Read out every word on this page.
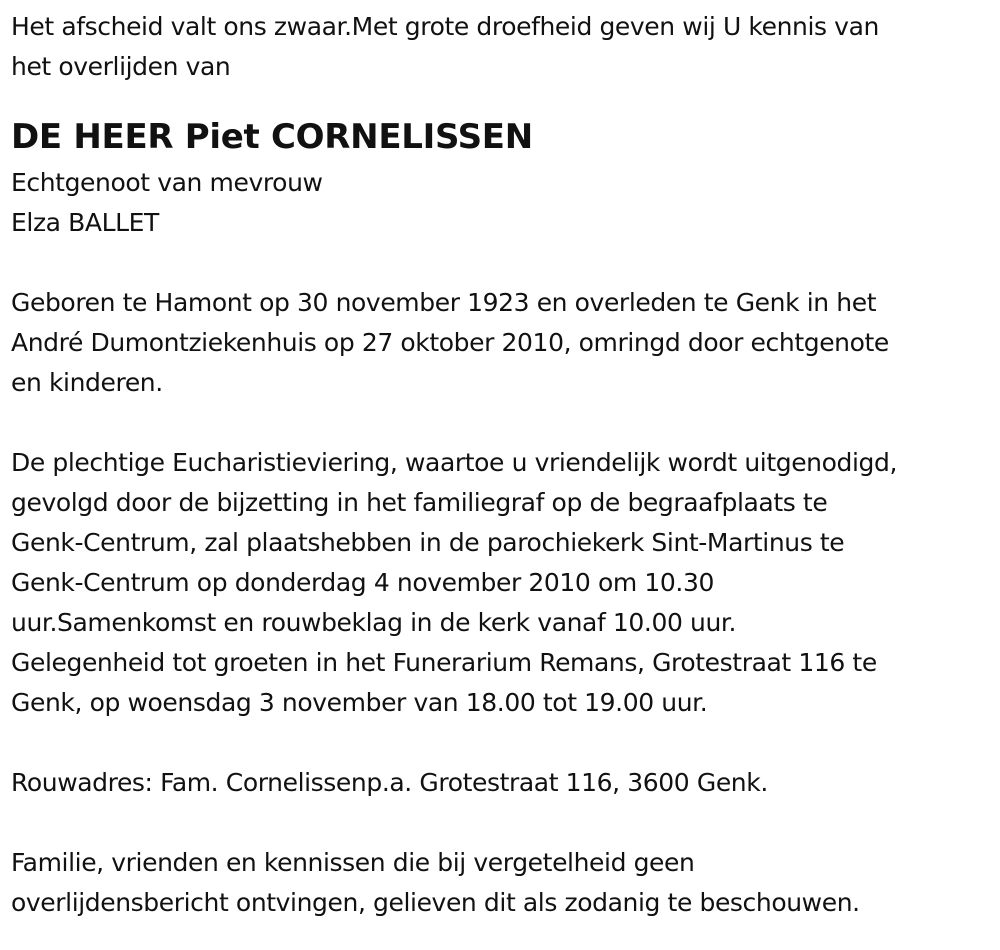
Het afscheid valt ons zwaar.Met grote droefheid geven wij U kennis van
het overlijden van
DE HEER Piet CORNELISSEN
Echtgenoot van mevrouw
Elza BALLET
Geboren te Hamont op 30 november 1923 en overleden te Genk in het
André Dumontziekenhuis op 27 oktober 2010, omringd door echtgenote
en kinderen.
De plechtige Eucharistieviering, waartoe u vriendelijk wordt uitgenodigd,
gevolgd door de bijzetting in het familiegraf op de begraafplaats te
Genk-Centrum, zal plaatshebben in de parochiekerk Sint-Martinus te
Genk-Centrum op donderdag 4 november 2010 om 10.30
uur.Samenkomst en rouwbeklag in de kerk vanaf 10.00 uur.
Gelegenheid tot groeten in het Funerarium Remans, Grotestraat 116 te
Genk, op woensdag 3 november van 18.00 tot 19.00 uur.
Rouwadres: Fam. Cornelissenp.a. Grotestraat 116, 3600 Genk.
Familie, vrienden en kennissen die bij vergetelheid geen
overlijdensbericht ontvingen, gelieven dit als zodanig te beschouwen.
